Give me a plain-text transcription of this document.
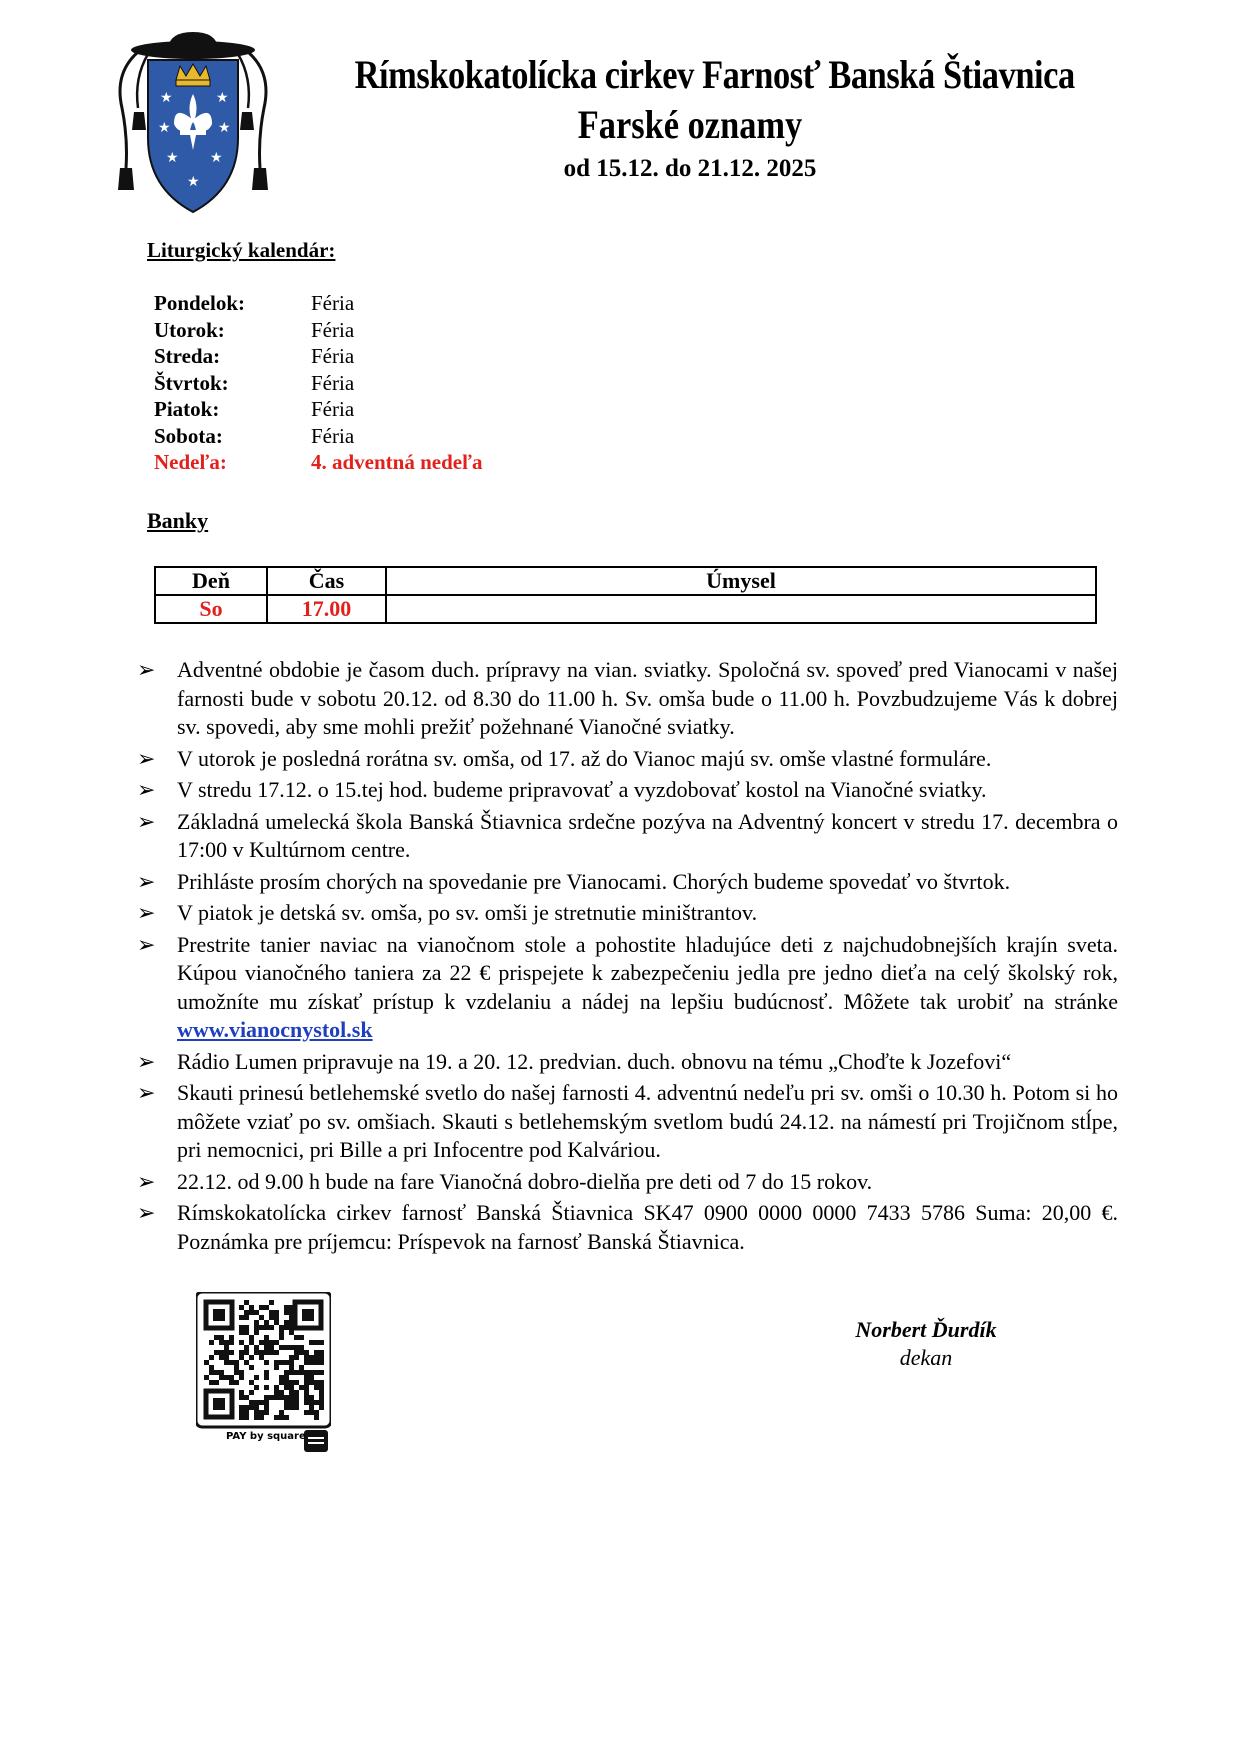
★	★
★	★
★ ★
★
Rímskokatolícka cirkev Farnosť Banská Štiavnica
Farské oznamy
od 15.12. do 21.12. 2025
Liturgický kalendár:
Pondelok:	Féria
Utorok:	Féria
Streda:	Féria
Štvrtok:	Féria
Piatok:	Féria
Sobota:	Féria
Nedeľa:	4. adventná nedeľa
Banky
Deň	Čas	Úmysel
So	17.00	
➢ Adventné obdobie je časom duch. prípravy na vian. sviatky. Spoločná sv. spoveď pred Vianocami v našej farnosti bude v sobotu 20.12. od 8.30 do 11.00 h. Sv. omša bude o 11.00 h. Povzbudzujeme Vás k dobrej sv. spovedi, aby sme mohli prežiť požehnané Vianočné sviatky.
➢ V utorok je posledná rorátna sv. omša, od 17. až do Vianoc majú sv. omše vlastné formuláre.
➢ V stredu 17.12. o 15.tej hod. budeme pripravovať a vyzdobovať kostol na Vianočné sviatky.
➢ Základná umelecká škola Banská Štiavnica srdečne pozýva na Adventný koncert v stredu 17. decembra o 17:00 v Kultúrnom centre.
➢ Prihláste prosím chorých na spovedanie pre Vianocami. Chorých budeme spovedať vo štvrtok.
➢ V piatok je detská sv. omša, po sv. omši je stretnutie miništrantov.
➢ Prestrite tanier naviac na vianočnom stole a pohostite hladujúce deti z najchudobnejších krajín sveta. Kúpou vianočného taniera za 22 € prispejete k zabezpečeniu jedla pre jedno dieťa na celý školský rok, umožníte mu získať prístup k vzdelaniu a nádej na lepšiu budúcnosť. Môžete tak urobiť na stránke www.vianocnystol.sk
➢ Rádio Lumen pripravuje na 19. a 20. 12. predvian. duch. obnovu na tému „Choďte k Jozefovi“
➢ Skauti prinesú betlehemské svetlo do našej farnosti 4. adventnú nedeľu pri sv. omši o 10.30 h. Potom si ho môžete vziať po sv. omšiach. Skauti s betlehemským svetlom budú 24.12. na námestí pri Trojičnom stĺpe, pri nemocnici, pri Bille a pri Infocentre pod Kalváriou.
➢ 22.12. od 9.00 h bude na fare Vianočná dobro-dielňa pre deti od 7 do 15 rokov.
➢ Rímskokatolícka cirkev farnosť Banská Štiavnica SK47 0900 0000 0000 7433 5786 Suma: 20,00 €. Poznámka pre príjemcu: Príspevok na farnosť Banská Štiavnica.
PAY by square
Norbert Ďurdík
dekan
